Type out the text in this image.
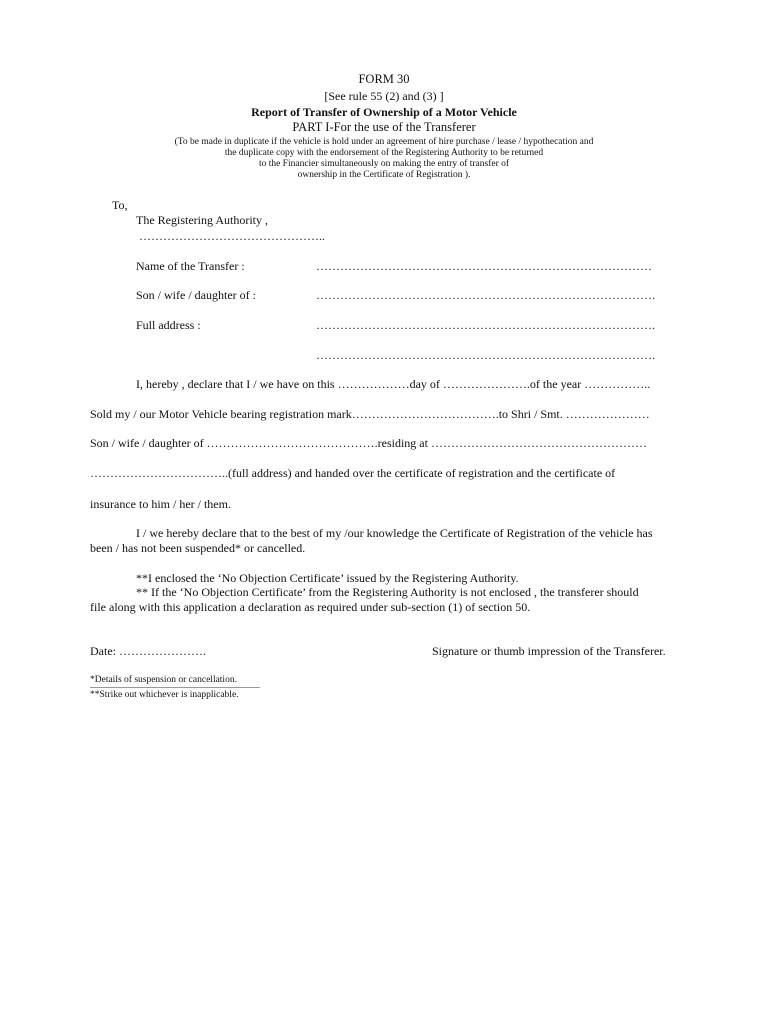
FORM 30
[See rule 55 (2) and (3) ]
Report of Transfer of Ownership of a Motor Vehicle
PART I-For the use of the Transferer
(To be made in duplicate if the vehicle is hold under an agreement of hire purchase / lease / hypothecation and
the duplicate copy with the endorsement of the Registering Authority to be returned
to the Financier simultaneously on making the entry of transfer of
ownership in the Certificate of Registration ).
To,
The Registering Authority ,
………………………………………..
Name of the Transfer :	…………………………………………………………………………
Son / wife / daughter of :	………………………………………………………………………….
Full address :	………………………………………………………………………….
………………………………………………………………………….
I, hereby , declare that I / we have on this ………………day of ………………….of the year ……………..
Sold my / our Motor Vehicle bearing registration mark……………………………….to Shri / Smt. …………………
Son / wife / daughter of …………………………………….residing at ………………………………………………
……………………………..(full address) and handed over the certificate of registration and the certificate of
insurance to him / her / them.
I / we hereby declare that to the best of my /our knowledge the Certificate of Registration of the vehicle has
been / has not been suspended* or cancelled.
**I enclosed the ‘No Objection Certificate’ issued by the Registering Authority.
** If the ‘No Objection Certificate’ from the Registering Authority is not enclosed , the transferer should
file along with this application a declaration as required under sub-section (1) of section 50.
Date: ………………….	Signature or thumb impression of the Transferer.
*Details of suspension or cancellation.
**Strike out whichever is inapplicable.
